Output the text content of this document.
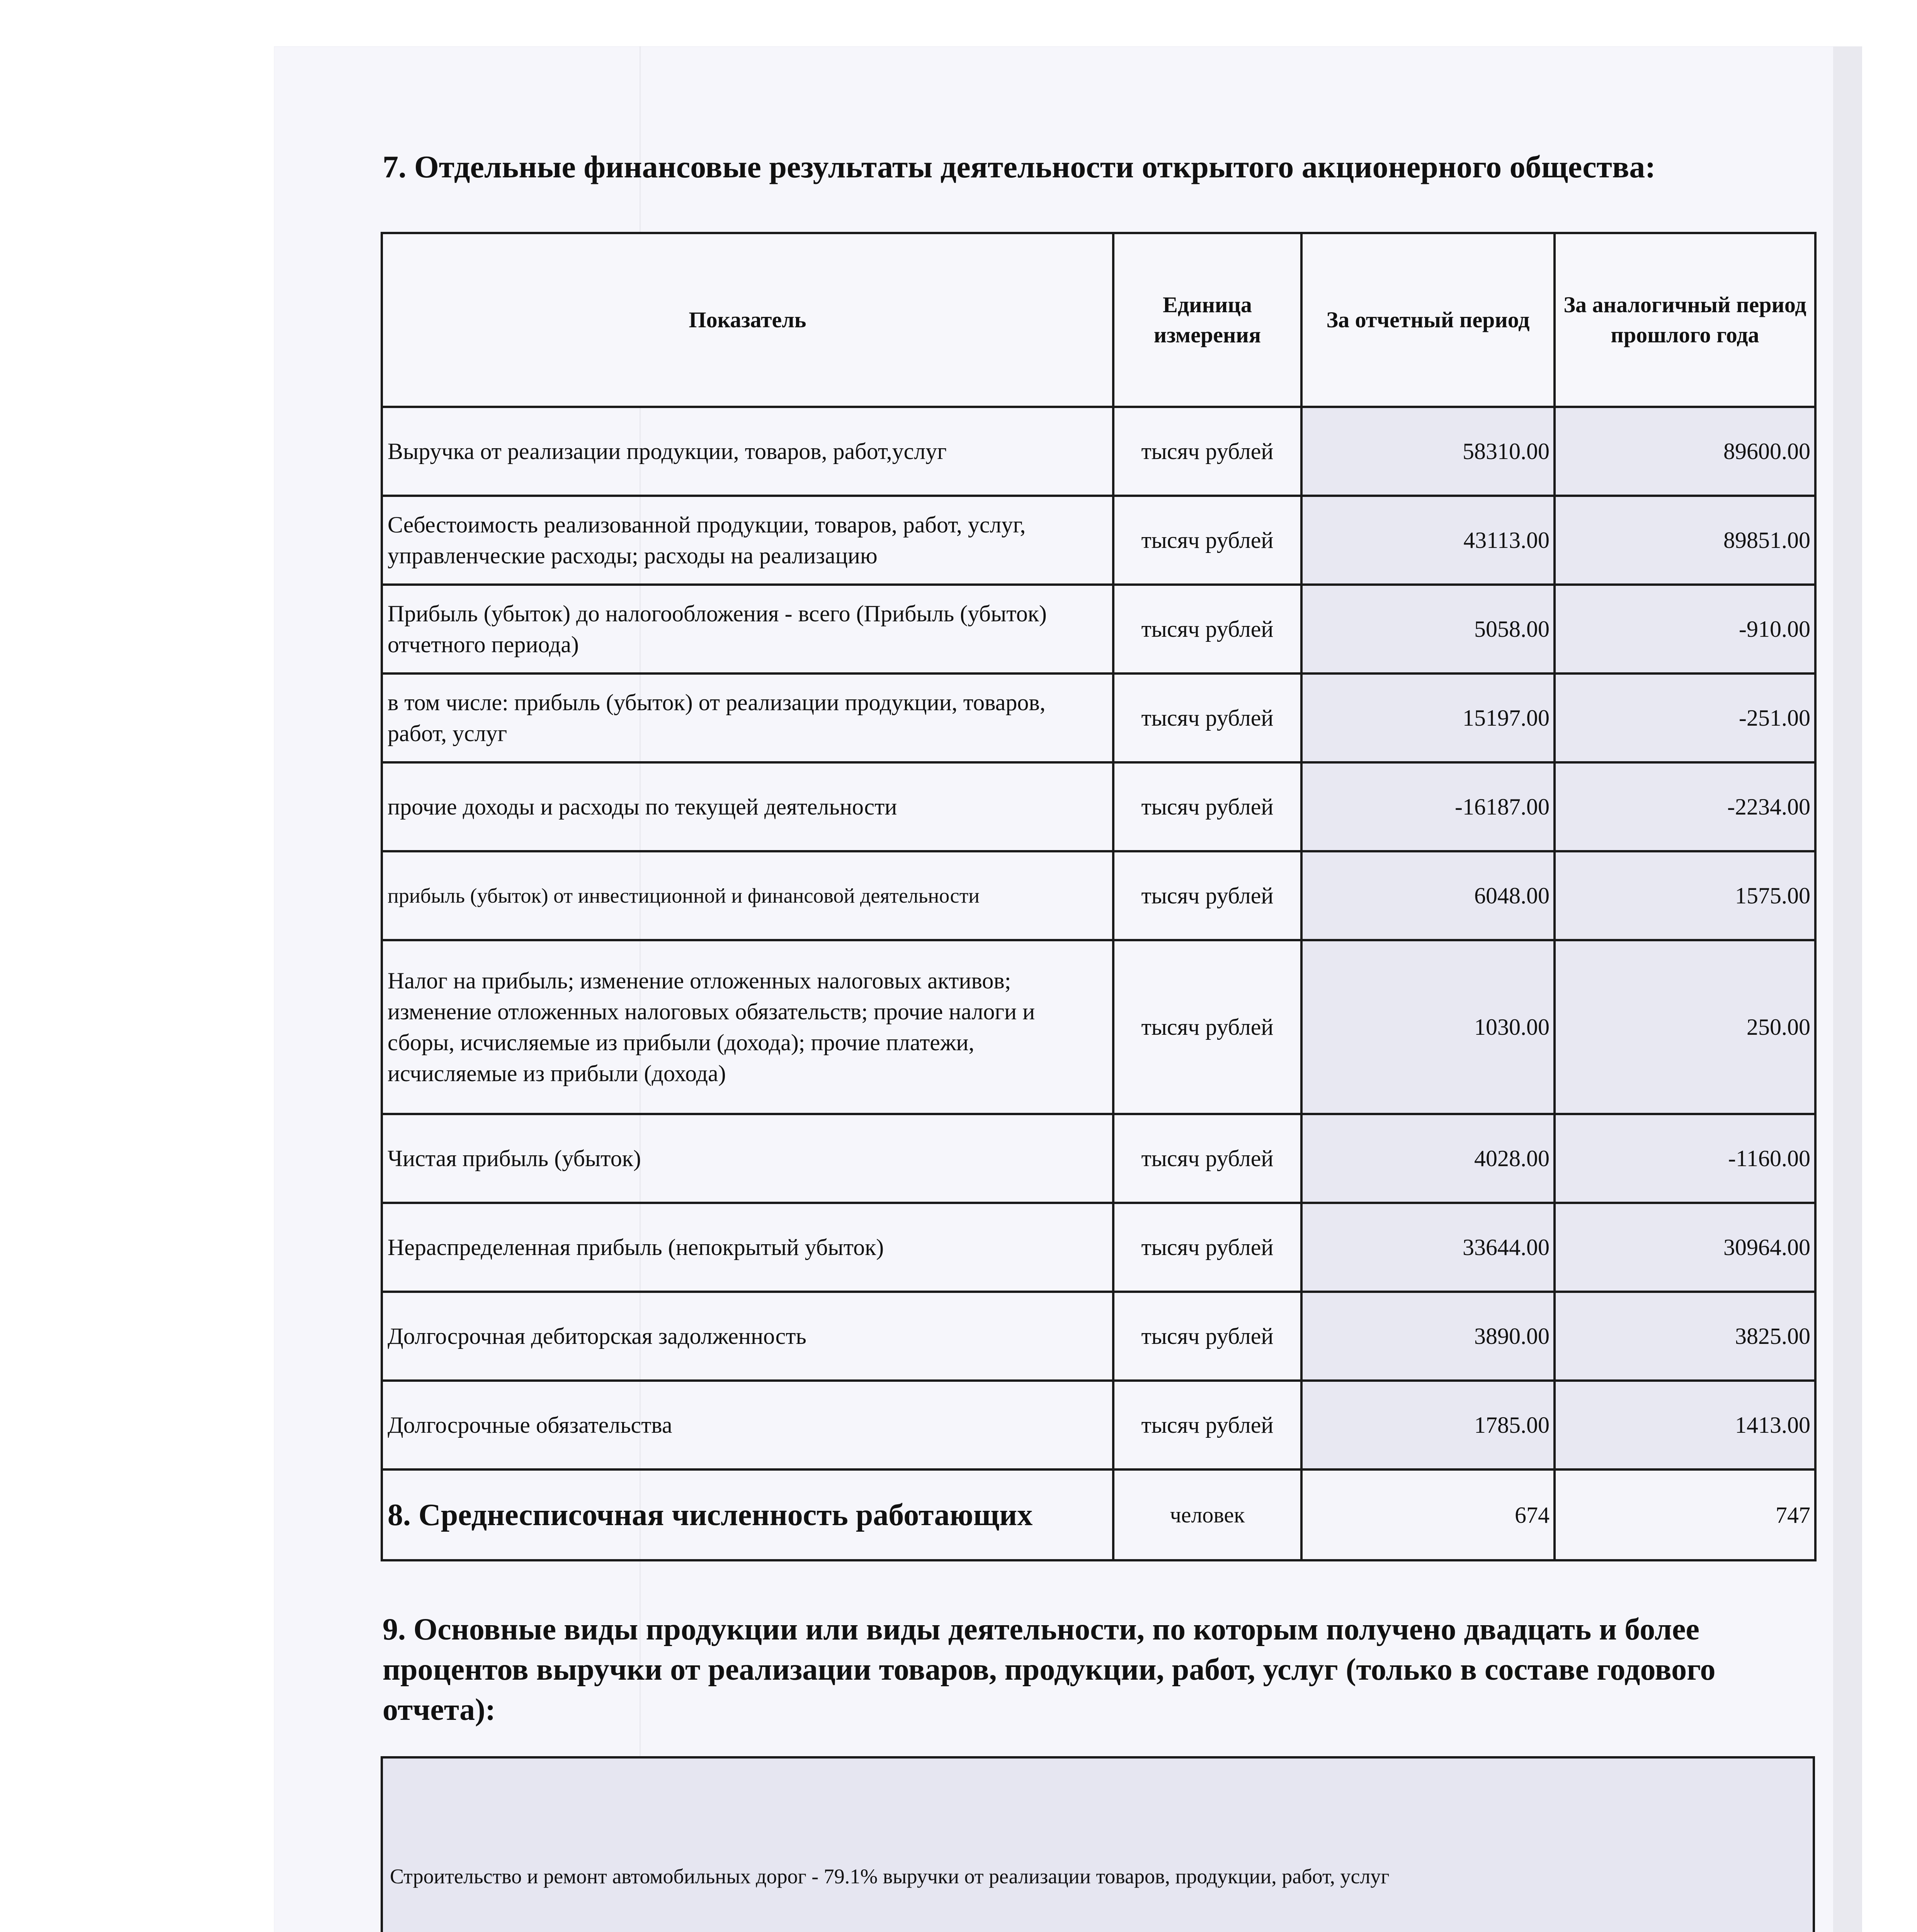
7. Отдельные финансовые результаты деятельности открытого акционерного общества:
Показатель	Единица измерения	За отчетный период	За аналогичный период прошлого года
Выручка от реализации продукции, товаров, работ,услуг	тысяч рублей	58310.00	89600.00
Себестоимость реализованной продукции, товаров, работ, услуг, управленческие расходы; расходы на реализацию	тысяч рублей	43113.00	89851.00
Прибыль (убыток) до налогообложения - всего (Прибыль (убыток) отчетного периода)	тысяч рублей	5058.00	-910.00
в том числе: прибыль (убыток) от реализации продукции, товаров, работ, услуг	тысяч рублей	15197.00	-251.00
прочие доходы и расходы по текущей деятельности	тысяч рублей	-16187.00	-2234.00
прибыль (убыток) от инвестиционной и финансовой деятельности	тысяч рублей	6048.00	1575.00
Налог на прибыль; изменение отложенных налоговых активов; изменение отложенных налоговых обязательств; прочие налоги и сборы, исчисляемые из прибыли (дохода); прочие платежи, исчисляемые из прибыли (дохода)	тысяч рублей	1030.00	250.00
Чистая прибыль (убыток)	тысяч рублей	4028.00	-1160.00
Нераспределенная прибыль (непокрытый убыток)	тысяч рублей	33644.00	30964.00
Долгосрочная дебиторская задолженность	тысяч рублей	3890.00	3825.00
Долгосрочные обязательства	тысяч рублей	1785.00	1413.00
8. Среднесписочная численность работающих	человек	674	747
9. Основные виды продукции или виды деятельности, по которым получено двадцать и более процентов выручки от реализации товаров, продукции, работ, услуг (только в составе годового отчета):
Строительство и ремонт автомобильных дорог - 79.1% выручки от реализации товаров, продукции, работ, услуг
